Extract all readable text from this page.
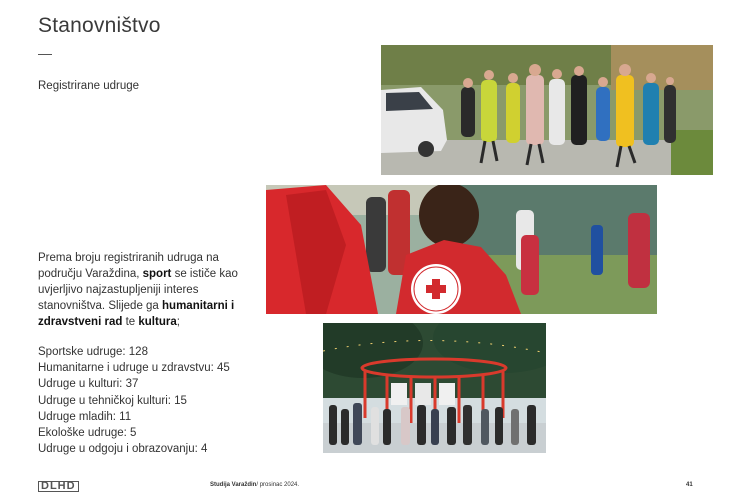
Stanovništvo
Registrirane udruge
Prema broju registriranih udruga na području Varaždina, sport se ističe kao uvjerljivo najzastupljeniji interes stanovništva. Slijede ga humanitarni i zdravstveni rad te kultura;
Sportske udruge: 128
Humanitarne i udruge u zdravstvu: 45
Udruge u kulturi: 37
Udruge u tehničkoj kulturi: 15
Udruge mladih: 11
Ekološke udruge: 5
Udruge u odgoju i obrazovanju: 4
DLHD	Studija Varaždin/ prosinac 2024.	41
